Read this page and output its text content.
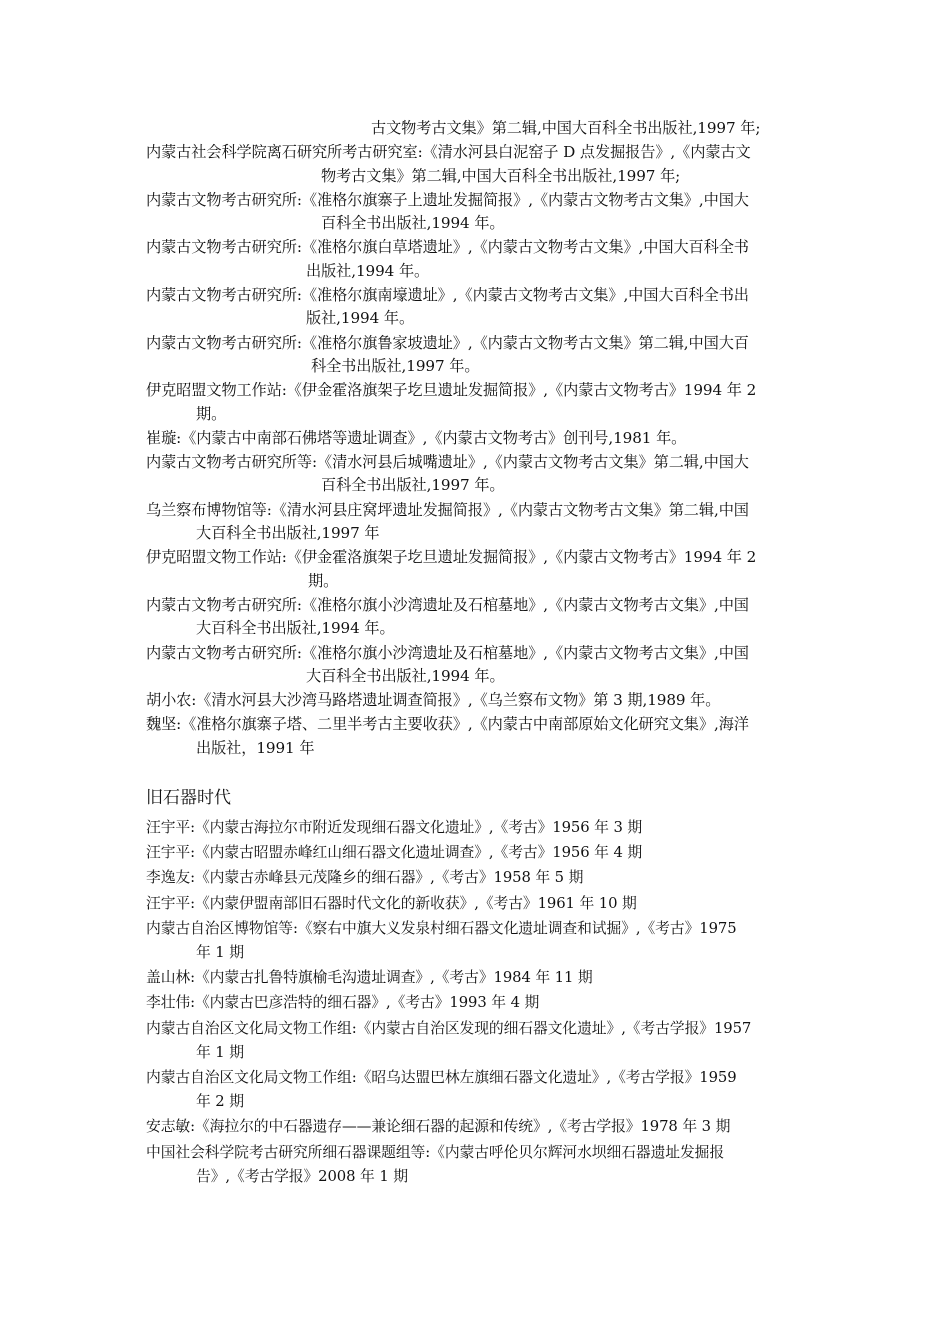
古文物考古文集》第二辑,中国大百科全书出版社,1997 年;
内蒙古社会科学院离石研究所考古研究室:《清水河县白泥窑子 D 点发掘报告》,《内蒙古文
物考古文集》第二辑,中国大百科全书出版社,1997 年;
内蒙古文物考古研究所:《准格尔旗寨子上遗址发掘简报》,《内蒙古文物考古文集》,中国大
百科全书出版社,1994 年。
内蒙古文物考古研究所:《准格尔旗白草塔遗址》,《内蒙古文物考古文集》,中国大百科全书
出版社,1994 年。
内蒙古文物考古研究所:《准格尔旗南壕遗址》,《内蒙古文物考古文集》,中国大百科全书出
版社,1994 年。
内蒙古文物考古研究所:《准格尔旗鲁家坡遗址》,《内蒙古文物考古文集》第二辑,中国大百
科全书出版社,1997 年。
伊克昭盟文物工作站:《伊金霍洛旗架子圪旦遗址发掘简报》,《内蒙古文物考古》1994 年 2
期。
崔璇:《内蒙古中南部石佛塔等遗址调查》,《内蒙古文物考古》创刊号,1981 年。
内蒙古文物考古研究所等:《清水河县后城嘴遗址》,《内蒙古文物考古文集》第二辑,中国大
百科全书出版社,1997 年。
乌兰察布博物馆等:《清水河县庄窝坪遗址发掘简报》,《内蒙古文物考古文集》第二辑,中国
大百科全书出版社,1997 年
伊克昭盟文物工作站:《伊金霍洛旗架子圪旦遗址发掘简报》,《内蒙古文物考古》1994 年 2
期。
内蒙古文物考古研究所:《准格尔旗小沙湾遗址及石棺墓地》,《内蒙古文物考古文集》,中国
大百科全书出版社,1994 年。
内蒙古文物考古研究所:《准格尔旗小沙湾遗址及石棺墓地》,《内蒙古文物考古文集》,中国
大百科全书出版社,1994 年。
胡小农:《清水河县大沙湾马路塔遗址调查简报》,《乌兰察布文物》第 3 期,1989 年。
魏坚:《准格尔旗寨子塔、二里半考古主要收获》,《内蒙古中南部原始文化研究文集》,海洋
出版社，1991 年
旧石器时代
汪宇平:《内蒙古海拉尔市附近发现细石器文化遗址》,《考古》1956 年 3 期
汪宇平:《内蒙古昭盟赤峰红山细石器文化遗址调查》,《考古》1956 年 4 期
李逸友:《内蒙古赤峰县元茂隆乡的细石器》,《考古》1958 年 5 期
汪宇平:《内蒙伊盟南部旧石器时代文化的新收获》,《考古》1961 年 10 期
内蒙古自治区博物馆等:《察右中旗大义发泉村细石器文化遗址调查和试掘》,《考古》1975
年 1 期
盖山林:《内蒙古扎鲁特旗榆毛沟遗址调查》,《考古》1984 年 11 期
李壮伟:《内蒙古巴彦浩特的细石器》,《考古》1993 年 4 期
内蒙古自治区文化局文物工作组:《内蒙古自治区发现的细石器文化遗址》,《考古学报》1957
年 1 期
内蒙古自治区文化局文物工作组:《昭乌达盟巴林左旗细石器文化遗址》,《考古学报》1959
年 2 期
安志敏:《海拉尔的中石器遗存——兼论细石器的起源和传统》,《考古学报》1978 年 3 期
中国社会科学院考古研究所细石器课题组等:《内蒙古呼伦贝尔辉河水坝细石器遗址发掘报
告》,《考古学报》2008 年 1 期
